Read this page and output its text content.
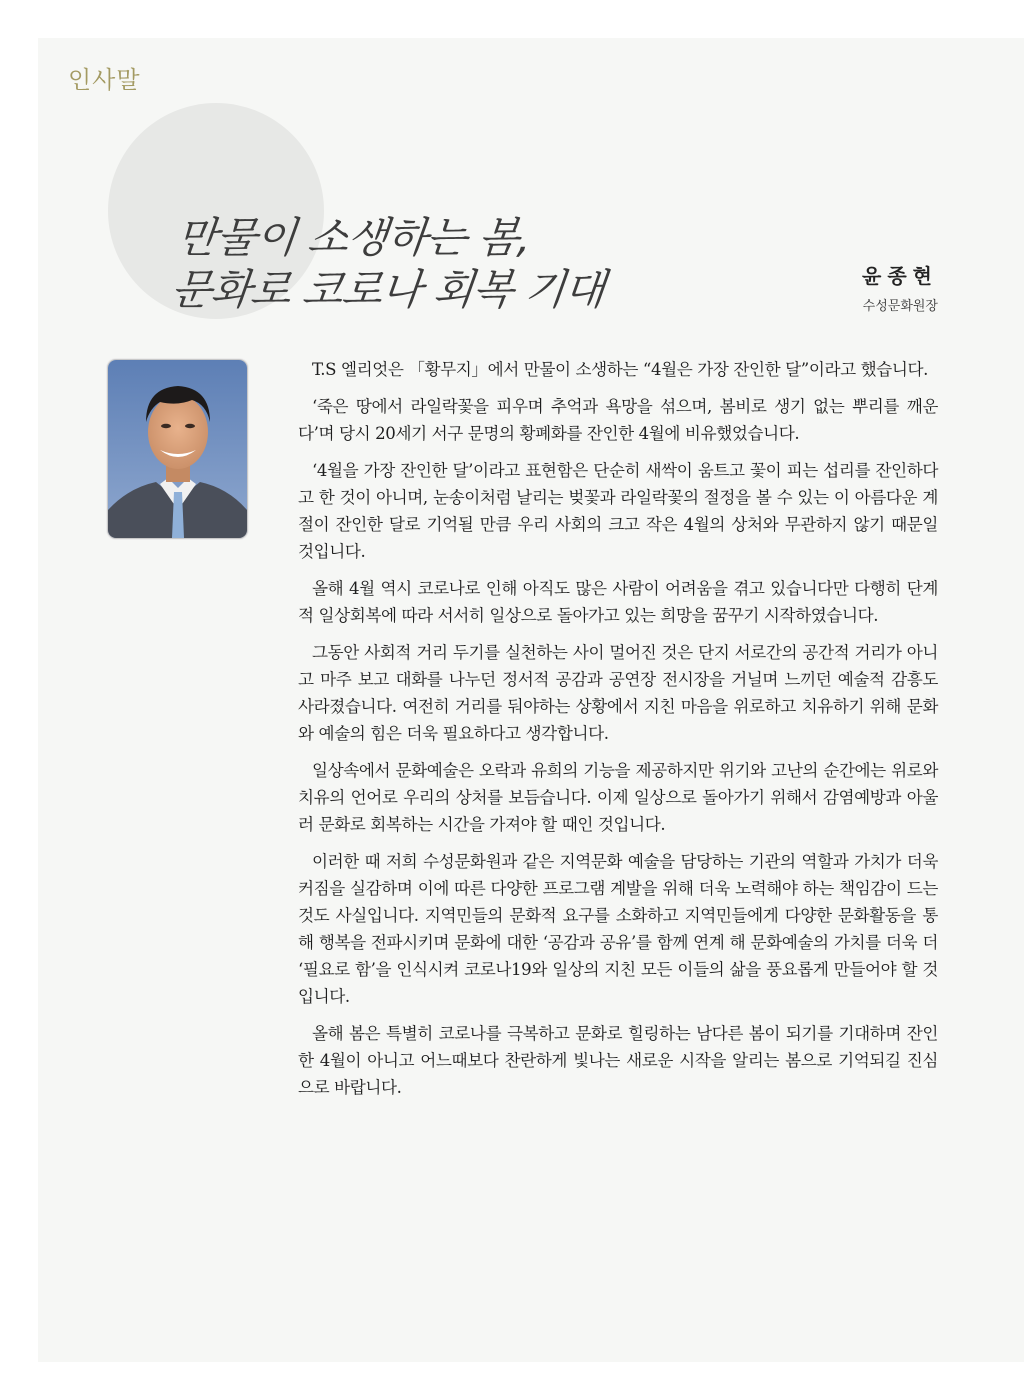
인사말
만물이 소생하는 봄,
문화로 코로나 회복 기대	윤종현
수성문화원장

T.S 엘리엇은 「황무지」에서 만물이 소생하는 “4월은 가장 잔인한 달”이라고 했습니다.

‘죽은 땅에서 라일락꽃을 피우며 추억과 욕망을 섞으며, 봄비로 생기 없는 뿌리를 깨운다’며 당시 20세기 서구 문명의 황폐화를 잔인한 4월에 비유했었습니다.

‘4월을 가장 잔인한 달’이라고 표현함은 단순히 새싹이 움트고 꽃이 피는 섭리를 잔인하다고 한 것이 아니며, 눈송이처럼 날리는 벚꽃과 라일락꽃의 절정을 볼 수 있는 이 아름다운 계절이 잔인한 달로 기억될 만큼 우리 사회의 크고 작은 4월의 상처와 무관하지 않기 때문일 것입니다.

올해 4월 역시 코로나로 인해 아직도 많은 사람이 어려움을 겪고 있습니다만 다행히 단계적 일상회복에 따라 서서히 일상으로 돌아가고 있는 희망을 꿈꾸기 시작하였습니다.

그동안 사회적 거리 두기를 실천하는 사이 멀어진 것은 단지 서로간의 공간적 거리가 아니고 마주 보고 대화를 나누던 정서적 공감과 공연장 전시장을 거닐며 느끼던 예술적 감흥도 사라졌습니다. 여전히 거리를 둬야하는 상황에서 지친 마음을 위로하고 치유하기 위해 문화와 예술의 힘은 더욱 필요하다고 생각합니다.

일상속에서 문화예술은 오락과 유희의 기능을 제공하지만 위기와 고난의 순간에는 위로와 치유의 언어로 우리의 상처를 보듬습니다. 이제 일상으로 돌아가기 위해서 감염예방과 아울러 문화로 회복하는 시간을 가져야 할 때인 것입니다.

이러한 때 저희 수성문화원과 같은 지역문화 예술을 담당하는 기관의 역할과 가치가 더욱 커짐을 실감하며 이에 따른 다양한 프로그램 계발을 위해 더욱 노력해야 하는 책임감이 드는 것도 사실입니다. 지역민들의 문화적 요구를 소화하고 지역민들에게 다양한 문화활동을 통해 행복을 전파시키며 문화에 대한 ‘공감과 공유’를 함께 연계 해 문화예술의 가치를 더욱 더 ‘필요로 함’을 인식시켜 코로나19와 일상의 지친 모든 이들의 삶을 풍요롭게 만들어야 할 것입니다.

올해 봄은 특별히 코로나를 극복하고 문화로 힐링하는 남다른 봄이 되기를 기대하며 잔인한 4월이 아니고 어느때보다 찬란하게 빛나는 새로운 시작을 알리는 봄으로 기억되길 진심으로 바랍니다.
